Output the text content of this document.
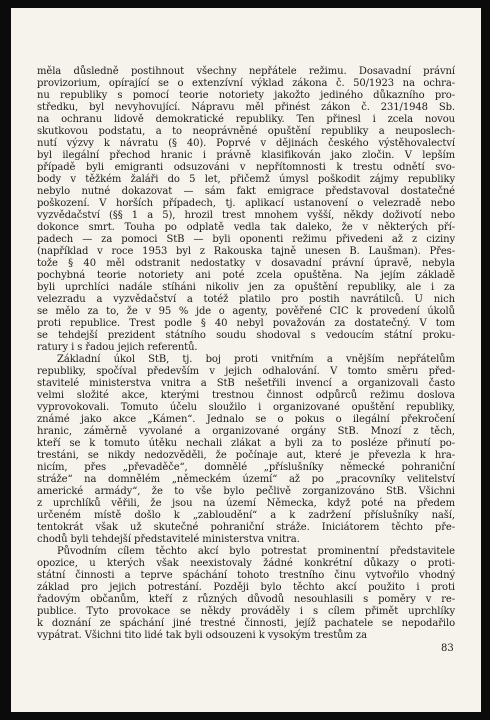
měla důsledně postihnout všechny nepřátele režimu. Dosavadní právní
provizorium, opírající se o extenzívní výklad zákona č. 50/1923 na ochra-
nu republiky s pomocí teorie notoriety jakožto jediného důkazního pro-
středku, byl nevyhovující. Nápravu měl přinést zákon č. 231/1948 Sb.
na ochranu lidově demokratické republiky. Ten přinesl i zcela novou
skutkovou podstatu, a to neoprávněné opuštění republiky a neuposlech-
nutí výzvy k návratu (§ 40). Poprvé v dějinách českého výstěhovalectví
byl ilegální přechod hranic i právně klasifikován jako zločin. V lepším
případě byli emigranti odsuzováni v nepřítomnosti k trestu odnětí svo-
body v těžkém žaláři do 5 let, přičemž úmysl poškodit zájmy republiky
nebylo nutné dokazovat — sám fakt emigrace představoval dostatečné
poškození. V horších případech, tj. aplikací ustanovení o velezradě nebo
vyzvědačství (§§ 1 a 5), hrozil trest mnohem vyšší, někdy doživotí nebo
dokonce smrt. Touha po odplatě vedla tak daleko, že v některých pří-
padech — za pomoci StB — byli oponenti režimu přivedeni až z ciziny
(například v roce 1953 byl z Rakouska tajně unesen B. Laušman). Přes-
tože § 40 měl odstranit nedostatky v dosavadní právní úpravě, nebyla
pochybná teorie notoriety ani poté zcela opuštěna. Na jejím základě
byli uprchlíci nadále stíháni nikoliv jen za opuštění republiky, ale i za
velezradu a vyzvědačství a totéž platilo pro postih navrátilců. U nich
se mělo za to, že v 95 % jde o agenty, pověřené CIC k provedení úkolů
proti republice. Trest podle § 40 nebyl považován za dostatečný. V tom
se tehdejší prezident státního soudu shodoval s vedoucím státní proku-
ratury i s řadou jejich referentů.
Základní úkol StB, tj. boj proti vnitřním a vnějším nepřátelům
republiky, spočíval především v jejich odhalování. V tomto směru před-
stavitelé ministerstva vnitra a StB nešetřili invencí a organizovali často
velmi složité akce, kterými trestnou činnost odpůrců režimu doslova
vyprovokovali. Tomuto účelu sloužilo i organizované opuštění republiky,
známé jako akce „Kámen“. Jednalo se o pokus o ilegální překročení
hranic, záměrně vyvolané a organizované orgány StB. Mnozí z těch,
kteří se k tomuto útěku nechali zlákat a byli za to posléze přinutí po-
trestáni, se nikdy nedozvěděli, že počínaje aut, které je převezla k hra-
nicím, přes „převaděče“, domnělé „příslušníky německé pohraniční
stráže“ na domnělém „německém území“ až po „pracovníky velitelství
americké armády“, že to vše bylo pečlivě zorganizováno StB. Všichni
z uprchlíků věřili, že jsou na území Německa, když poté na předem
určeném místě došlo k „zabloudění“ a k zadržení příslušníky naší,
tentokrát však už skutečné pohraniční stráže. Iniciátorem těchto pře-
chodů byli tehdejší představitelé ministerstva vnitra.
Původním cílem těchto akcí bylo potrestat prominentní představitele
opozice, u kterých však neexistovaly žádné konkrétní důkazy o proti-
státní činnosti a teprve spáchání tohoto trestního činu vytvořilo vhodný
základ pro jejich potrestání. Později bylo těchto akcí použito i proti
řadovým občanům, kteří z různých důvodů nesouhlasili s poměry v re-
publice. Tyto provokace se někdy prováděly i s cílem přimět uprchlíky
k doznání ze spáchání jiné trestné činnosti, jejíž pachatele se nepodařilo
vypátrat. Všichni tito lidé tak byli odsouzeni k vysokým trestům za
83
